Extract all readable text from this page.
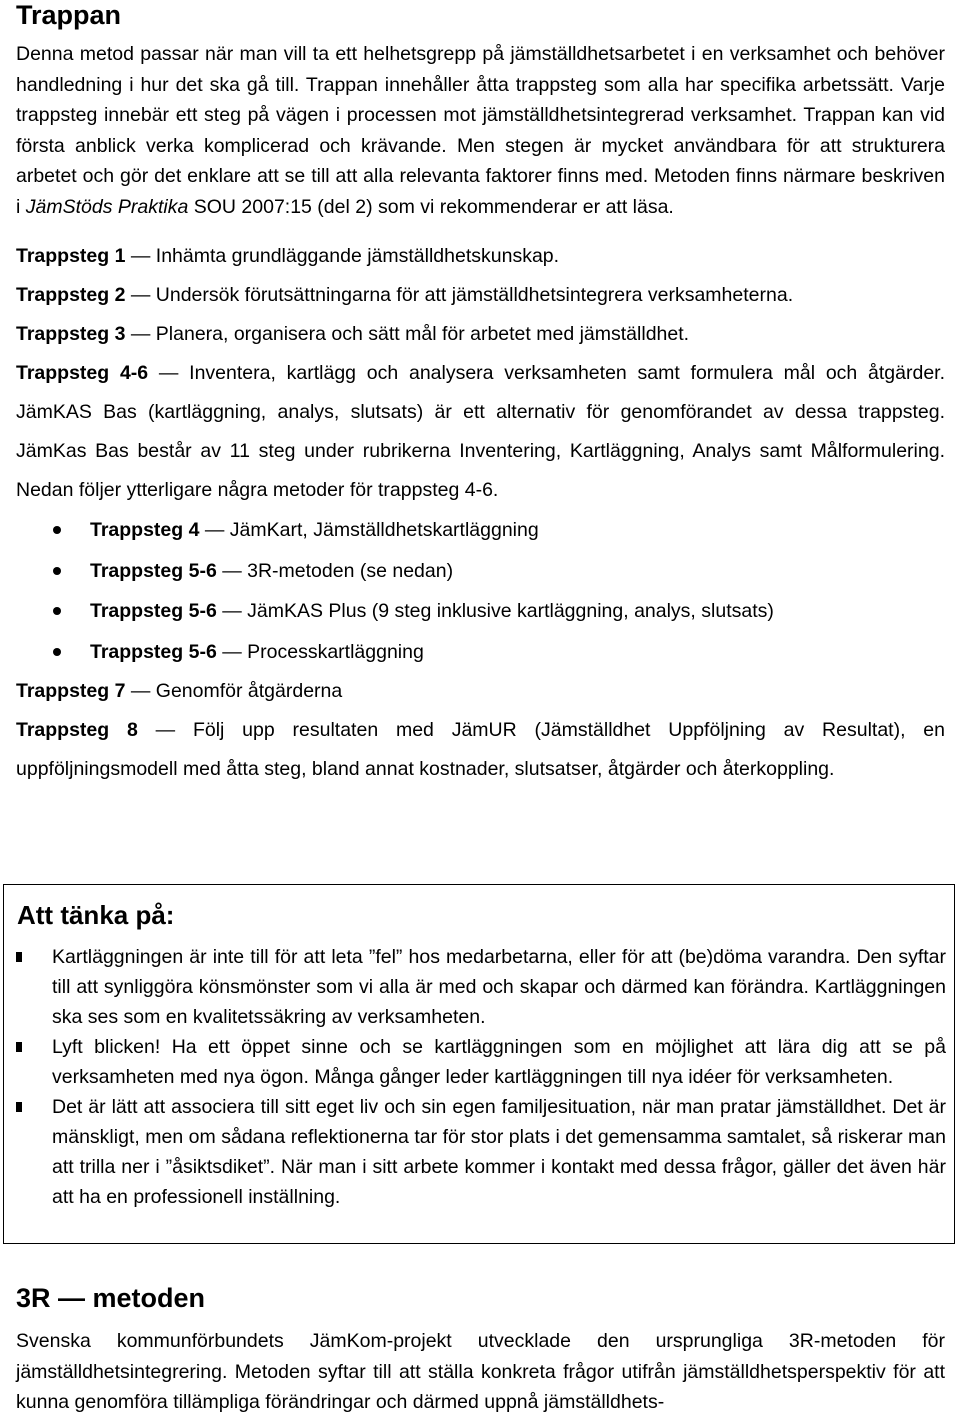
Trappan

Denna metod passar när man vill ta ett helhetsgrepp på jämställdhetsarbetet i en verksamhet och behöver handledning i hur det ska gå till. Trappan innehåller åtta trappsteg som alla har specifika arbetssätt. Varje trappsteg innebär ett steg på vägen i processen mot jämställdhetsintegrerad verksamhet. Trappan kan vid första anblick verka komplicerad och krävande. Men stegen är mycket användbara för att strukturera arbetet och gör det enklare att se till att alla relevanta faktorer finns med. Metoden finns närmare beskriven i JämStöds Praktika SOU 2007:15 (del 2) som vi rekommenderar er att läsa.

Trappsteg 1 — Inhämta grundläggande jämställdhetskunskap.
Trappsteg 2 — Undersök förutsättningarna för att jämställdhetsintegrera verksamheterna.
Trappsteg 3 — Planera, organisera och sätt mål för arbetet med jämställdhet.
Trappsteg 4-6 — Inventera, kartlägg och analysera verksamheten samt formulera mål och åtgärder. JämKAS Bas (kartläggning, analys, slutsats) är ett alternativ för genomförandet av dessa trappsteg. JämKas Bas består av 11 steg under rubrikerna Inventering, Kartläggning, Analys samt Målformulering. Nedan följer ytterligare några metoder för trappsteg 4-6.
Trappsteg 4 — JämKart, Jämställdhetskartläggning
Trappsteg 5-6 — 3R-metoden (se nedan)
Trappsteg 5-6 — JämKAS Plus (9 steg inklusive kartläggning, analys, slutsats)
Trappsteg 5-6 — Processkartläggning
Trappsteg 7 — Genomför åtgärderna
Trappsteg 8 — Följ upp resultaten med JämUR (Jämställdhet Uppföljning av Resultat), en uppföljningsmodell med åtta steg, bland annat kostnader, slutsatser, åtgärder och återkoppling.
Att tänka på:
Kartläggningen är inte till för att leta ”fel” hos medarbetarna, eller för att (be)döma varandra. Den syftar till att synliggöra könsmönster som vi alla är med och skapar och därmed kan förändra. Kartläggningen ska ses som en kvalitetssäkring av verksamheten.
Lyft blicken! Ha ett öppet sinne och se kartläggningen som en möjlighet att lära dig att se på verksamheten med nya ögon. Många gånger leder kartläggningen till nya idéer för verksamheten.
Det är lätt att associera till sitt eget liv och sin egen familjesituation, när man pratar jämställdhet. Det är mänskligt, men om sådana reflektionerna tar för stor plats i det gemensamma samtalet, så riskerar man att trilla ner i ”åsiktsdiket”. När man i sitt arbete kommer i kontakt med dessa frågor, gäller det även här att ha en professionell inställning.
3R — metoden

Svenska kommunförbundets JämKom-projekt utvecklade den ursprungliga 3R-metoden för jämställdhetsintegrering. Metoden syftar till att ställa konkreta frågor utifrån jämställdhetsperspektiv för att kunna genomföra tillämpliga förändringar och därmed uppnå jämställdhets-
